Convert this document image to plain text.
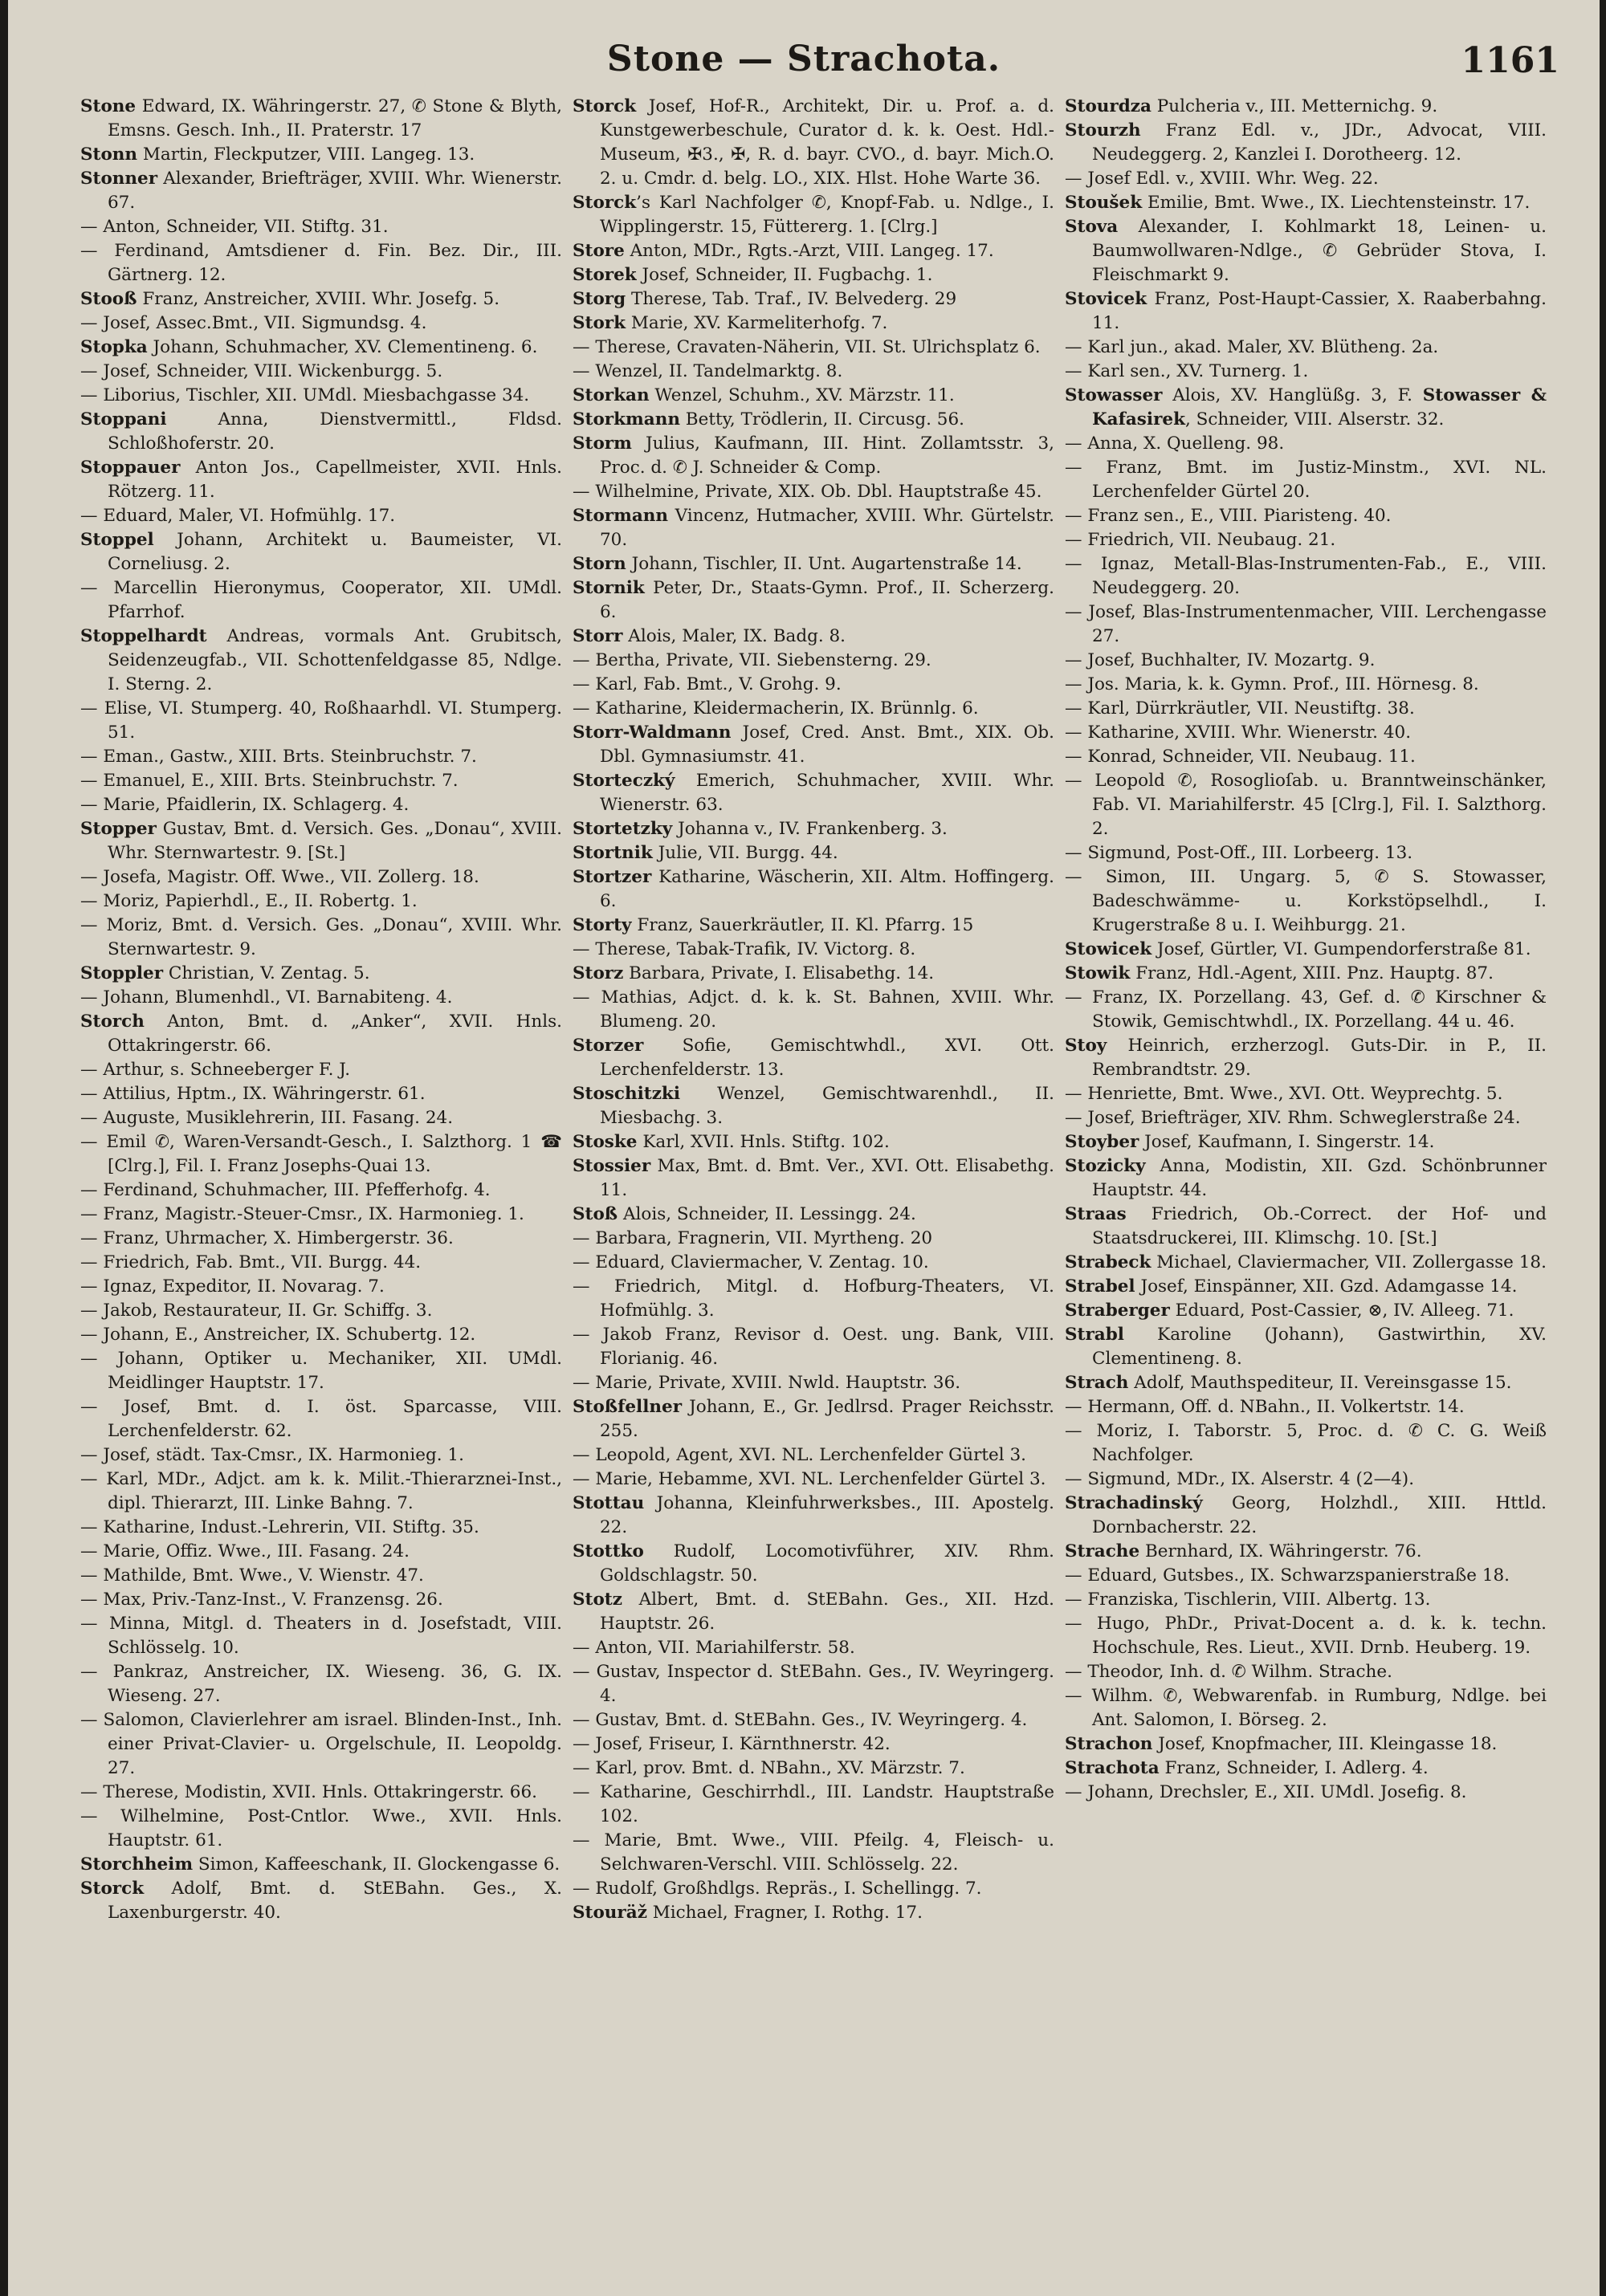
Stone — Strachota.	1161

Stone Edward, IX. Währingerstr. 27, ✆ Stone & Blyth, Emsns. Gesch. Inh., II. Praterstr. 17

Stonn Martin, Fleckputzer, VIII. Langeg. 13.

Stonner Alexander, Briefträger, XVIII. Whr. Wienerstr. 67.

— Anton, Schneider, VII. Stiftg. 31.

— Ferdinand, Amtsdiener d. Fin. Bez. Dir., III. Gärtnerg. 12.

Stooß Franz, Anstreicher, XVIII. Whr. Josefg. 5.

— Josef, Assec.Bmt., VII. Sigmundsg. 4.

Stopka Johann, Schuhmacher, XV. Clementineng. 6.

— Josef, Schneider, VIII. Wickenburgg. 5.

— Liborius, Tischler, XII. UMdl. Miesbachgasse 34.

Stoppani Anna, Dienstvermittl., Fldsd. Schloßhoferstr. 20.

Stoppauer Anton Jos., Capellmeister, XVII. Hnls. Rötzerg. 11.

— Eduard, Maler, VI. Hofmühlg. 17.

Stoppel Johann, Architekt u. Baumeister, VI. Corneliusg. 2.

— Marcellin Hieronymus, Cooperator, XII. UMdl. Pfarrhof.

Stoppelhardt Andreas, vormals Ant. Grubitsch, Seidenzeugfab., VII. Schottenfeldgasse 85, Ndlge. I. Sterng. 2.

— Elise, VI. Stumperg. 40, Roßhaarhdl. VI. Stumperg. 51.

— Eman., Gastw., XIII. Brts. Steinbruchstr. 7.

— Emanuel, E., XIII. Brts. Steinbruchstr. 7.

— Marie, Pfaidlerin, IX. Schlagerg. 4.

Stopper Gustav, Bmt. d. Versich. Ges. „Donau“, XVIII. Whr. Sternwartestr. 9. [St.]

— Josefa, Magistr. Off. Wwe., VII. Zollerg. 18.

— Moriz, Papierhdl., E., II. Robertg. 1.

— Moriz, Bmt. d. Versich. Ges. „Donau“, XVIII. Whr. Sternwartestr. 9.

Stoppler Christian, V. Zentag. 5.

— Johann, Blumenhdl., VI. Barnabiteng. 4.

Storch Anton, Bmt. d. „Anker“, XVII. Hnls. Ottakringerstr. 66.

— Arthur, s. Schneeberger F. J.

— Attilius, Hptm., IX. Währingerstr. 61.

— Auguste, Musiklehrerin, III. Fasang. 24.

— Emil ✆, Waren-Versandt-Gesch., I. Salzthorg. 1 ☎ [Clrg.], Fil. I. Franz Josephs-Quai 13.

— Ferdinand, Schuhmacher, III. Pfefferhofg. 4.

— Franz, Magistr.-Steuer-Cmsr., IX. Harmonieg. 1.

— Franz, Uhrmacher, X. Himbergerstr. 36.

— Friedrich, Fab. Bmt., VII. Burgg. 44.

— Ignaz, Expeditor, II. Novarag. 7.

— Jakob, Restaurateur, II. Gr. Schiffg. 3.

— Johann, E., Anstreicher, IX. Schubertg. 12.

— Johann, Optiker u. Mechaniker, XII. UMdl. Meidlinger Hauptstr. 17.

— Josef, Bmt. d. I. öst. Sparcasse, VIII. Lerchenfelderstr. 62.

— Josef, städt. Tax-Cmsr., IX. Harmonieg. 1.

— Karl, MDr., Adjct. am k. k. Milit.-Thierarznei-Inst., dipl. Thierarzt, III. Linke Bahng. 7.

— Katharine, Indust.-Lehrerin, VII. Stiftg. 35.

— Marie, Offiz. Wwe., III. Fasang. 24.

— Mathilde, Bmt. Wwe., V. Wienstr. 47.

— Max, Priv.-Tanz-Inst., V. Franzensg. 26.

— Minna, Mitgl. d. Theaters in d. Josefstadt, VIII. Schlösselg. 10.

— Pankraz, Anstreicher, IX. Wieseng. 36, G. IX. Wieseng. 27.

— Salomon, Clavierlehrer am israel. Blinden-Inst., Inh. einer Privat-Clavier- u. Orgelschule, II. Leopoldg. 27.

— Therese, Modistin, XVII. Hnls. Ottakringerstr. 66.

— Wilhelmine, Post-Cntlor. Wwe., XVII. Hnls. Hauptstr. 61.

Storchheim Simon, Kaffeeschank, II. Glockengasse 6.

Storck Adolf, Bmt. d. StEBahn. Ges., X. Laxenburgerstr. 40.

Storck Josef, Hof-R., Architekt, Dir. u. Prof. a. d. Kunstgewerbeschule, Curator d. k. k. Oest. Hdl.-Museum, ✠3., ✠, R. d. bayr. CVO., d. bayr. Mich.O. 2. u. Cmdr. d. belg. LO., XIX. Hlst. Hohe Warte 36.

Storck’s Karl Nachfolger ✆, Knopf-Fab. u. Ndlge., I. Wipplingerstr. 15, Füttererg. 1. [Clrg.]

Store Anton, MDr., Rgts.-Arzt, VIII. Langeg. 17.

Storek Josef, Schneider, II. Fugbachg. 1.

Storg Therese, Tab. Traf., IV. Belvederg. 29

Stork Marie, XV. Karmeliterhofg. 7.

— Therese, Cravaten-Näherin, VII. St. Ulrichsplatz 6.

— Wenzel, II. Tandelmarktg. 8.

Storkan Wenzel, Schuhm., XV. Märzstr. 11.

Storkmann Betty, Trödlerin, II. Circusg. 56.

Storm Julius, Kaufmann, III. Hint. Zollamtsstr. 3, Proc. d. ✆ J. Schneider & Comp.

— Wilhelmine, Private, XIX. Ob. Dbl. Hauptstraße 45.

Stormann Vincenz, Hutmacher, XVIII. Whr. Gürtelstr. 70.

Storn Johann, Tischler, II. Unt. Augartenstraße 14.

Stornik Peter, Dr., Staats-Gymn. Prof., II. Scherzerg. 6.

Storr Alois, Maler, IX. Badg. 8.

— Bertha, Private, VII. Siebensterng. 29.

— Karl, Fab. Bmt., V. Grohg. 9.

— Katharine, Kleidermacherin, IX. Brünnlg. 6.

Storr-Waldmann Josef, Cred. Anst. Bmt., XIX. Ob. Dbl. Gymnasiumstr. 41.

Storteczký Emerich, Schuhmacher, XVIII. Whr. Wienerstr. 63.

Stortetzky Johanna v., IV. Frankenberg. 3.

Stortnik Julie, VII. Burgg. 44.

Stortzer Katharine, Wäscherin, XII. Altm. Hoffingerg. 6.

Storty Franz, Sauerkräutler, II. Kl. Pfarrg. 15

— Therese, Tabak-Trafik, IV. Victorg. 8.

Storz Barbara, Private, I. Elisabethg. 14.

— Mathias, Adjct. d. k. k. St. Bahnen, XVIII. Whr. Blumeng. 20.

Storzer Sofie, Gemischtwhdl., XVI. Ott. Lerchenfelderstr. 13.

Stoschitzki Wenzel, Gemischtwarenhdl., II. Miesbachg. 3.

Stoske Karl, XVII. Hnls. Stiftg. 102.

Stossier Max, Bmt. d. Bmt. Ver., XVI. Ott. Elisabethg. 11.

Stoß Alois, Schneider, II. Lessingg. 24.

— Barbara, Fragnerin, VII. Myrtheng. 20

— Eduard, Claviermacher, V. Zentag. 10.

— Friedrich, Mitgl. d. Hofburg-Theaters, VI. Hofmühlg. 3.

— Jakob Franz, Revisor d. Oest. ung. Bank, VIII. Florianig. 46.

— Marie, Private, XVIII. Nwld. Hauptstr. 36.

Stoßfellner Johann, E., Gr. Jedlrsd. Prager Reichsstr. 255.

— Leopold, Agent, XVI. NL. Lerchenfelder Gürtel 3.

— Marie, Hebamme, XVI. NL. Lerchenfelder Gürtel 3.

Stottau Johanna, Kleinfuhrwerksbes., III. Apostelg. 22.

Stottko Rudolf, Locomotivführer, XIV. Rhm. Goldschlagstr. 50.

Stotz Albert, Bmt. d. StEBahn. Ges., XII. Hzd. Hauptstr. 26.

— Anton, VII. Mariahilferstr. 58.

— Gustav, Inspector d. StEBahn. Ges., IV. Weyringerg. 4.

— Gustav, Bmt. d. StEBahn. Ges., IV. Weyringerg. 4.

— Josef, Friseur, I. Kärnthnerstr. 42.

— Karl, prov. Bmt. d. NBahn., XV. Märzstr. 7.

— Katharine, Geschirrhdl., III. Landstr. Hauptstraße 102.

— Marie, Bmt. Wwe., VIII. Pfeilg. 4, Fleisch- u. Selchwaren-Verschl. VIII. Schlösselg. 22.

— Rudolf, Großhdlgs. Repräs., I. Schellingg. 7.

Stouräž Michael, Fragner, I. Rothg. 17.

Stourdza Pulcheria v., III. Metternichg. 9.

Stourzh Franz Edl. v., JDr., Advocat, VIII. Neudeggerg. 2, Kanzlei I. Dorotheerg. 12.

— Josef Edl. v., XVIII. Whr. Weg. 22.

Stoušek Emilie, Bmt. Wwe., IX. Liechtensteinstr. 17.

Stova Alexander, I. Kohlmarkt 18, Leinen- u. Baumwollwaren-Ndlge., ✆ Gebrüder Stova, I. Fleischmarkt 9.

Stovicek Franz, Post-Haupt-Cassier, X. Raaberbahng. 11.

— Karl jun., akad. Maler, XV. Blütheng. 2a.

— Karl sen., XV. Turnerg. 1.

Stowasser Alois, XV. Hanglüßg. 3, F. Stowasser & Kafasirek, Schneider, VIII. Alserstr. 32.

— Anna, X. Quelleng. 98.

— Franz, Bmt. im Justiz-Minstm., XVI. NL. Lerchenfelder Gürtel 20.

— Franz sen., E., VIII. Piaristeng. 40.

— Friedrich, VII. Neubaug. 21.

— Ignaz, Metall-Blas-Instrumenten-Fab., E., VIII. Neudeggerg. 20.

— Josef, Blas-Instrumentenmacher, VIII. Lerchengasse 27.

— Josef, Buchhalter, IV. Mozartg. 9.

— Jos. Maria, k. k. Gymn. Prof., III. Hörnesg. 8.

— Karl, Dürrkräutler, VII. Neustiftg. 38.

— Katharine, XVIII. Whr. Wienerstr. 40.

— Konrad, Schneider, VII. Neubaug. 11.

— Leopold ✆, Rosoglioſab. u. Branntweinschänker, Fab. VI. Mariahilferstr. 45 [Clrg.], Fil. I. Salzthorg. 2.

— Sigmund, Post-Off., III. Lorbeerg. 13.

— Simon, III. Ungarg. 5, ✆ S. Stowasser, Badeschwämme- u. Korkstöpselhdl., I. Krugerstraße 8 u. I. Weihburgg. 21.

Stowicek Josef, Gürtler, VI. Gumpendorferstraße 81.

Stowik Franz, Hdl.-Agent, XIII. Pnz. Hauptg. 87.

— Franz, IX. Porzellang. 43, Gef. d. ✆ Kirschner & Stowik, Gemischtwhdl., IX. Porzellang. 44 u. 46.

Stoy Heinrich, erzherzogl. Guts-Dir. in P., II. Rembrandtstr. 29.

— Henriette, Bmt. Wwe., XVI. Ott. Weyprechtg. 5.

— Josef, Briefträger, XIV. Rhm. Schweglerstraße 24.

Stoyber Josef, Kaufmann, I. Singerstr. 14.

Stozicky Anna, Modistin, XII. Gzd. Schönbrunner Hauptstr. 44.

Straas Friedrich, Ob.-Correct. der Hof- und Staatsdruckerei, III. Klimschg. 10. [St.]

Strabeck Michael, Claviermacher, VII. Zollergasse 18.

Strabel Josef, Einspänner, XII. Gzd. Adamgasse 14.

Straberger Eduard, Post-Cassier, ⊗, IV. Alleeg. 71.

Strabl Karoline (Johann), Gastwirthin, XV. Clementineng. 8.

Strach Adolf, Mauthspediteur, II. Vereinsgasse 15.

— Hermann, Off. d. NBahn., II. Volkertstr. 14.

— Moriz, I. Taborstr. 5, Proc. d. ✆ C. G. Weiß Nachfolger.

— Sigmund, MDr., IX. Alserstr. 4 (2—4).

Strachadinský Georg, Holzhdl., XIII. Httld. Dornbacherstr. 22.

Strache Bernhard, IX. Währingerstr. 76.

— Eduard, Gutsbes., IX. Schwarzspanierstraße 18.

— Franziska, Tischlerin, VIII. Albertg. 13.

— Hugo, PhDr., Privat-Docent a. d. k. k. techn. Hochschule, Res. Lieut., XVII. Drnb. Heuberg. 19.

— Theodor, Inh. d. ✆ Wilhm. Strache.

— Wilhm. ✆, Webwarenfab. in Rumburg, Ndlge. bei Ant. Salomon, I. Börseg. 2.

Strachon Josef, Knopfmacher, III. Kleingasse 18.

Strachota Franz, Schneider, I. Adlerg. 4.

— Johann, Drechsler, E., XII. UMdl. Josefig. 8.
